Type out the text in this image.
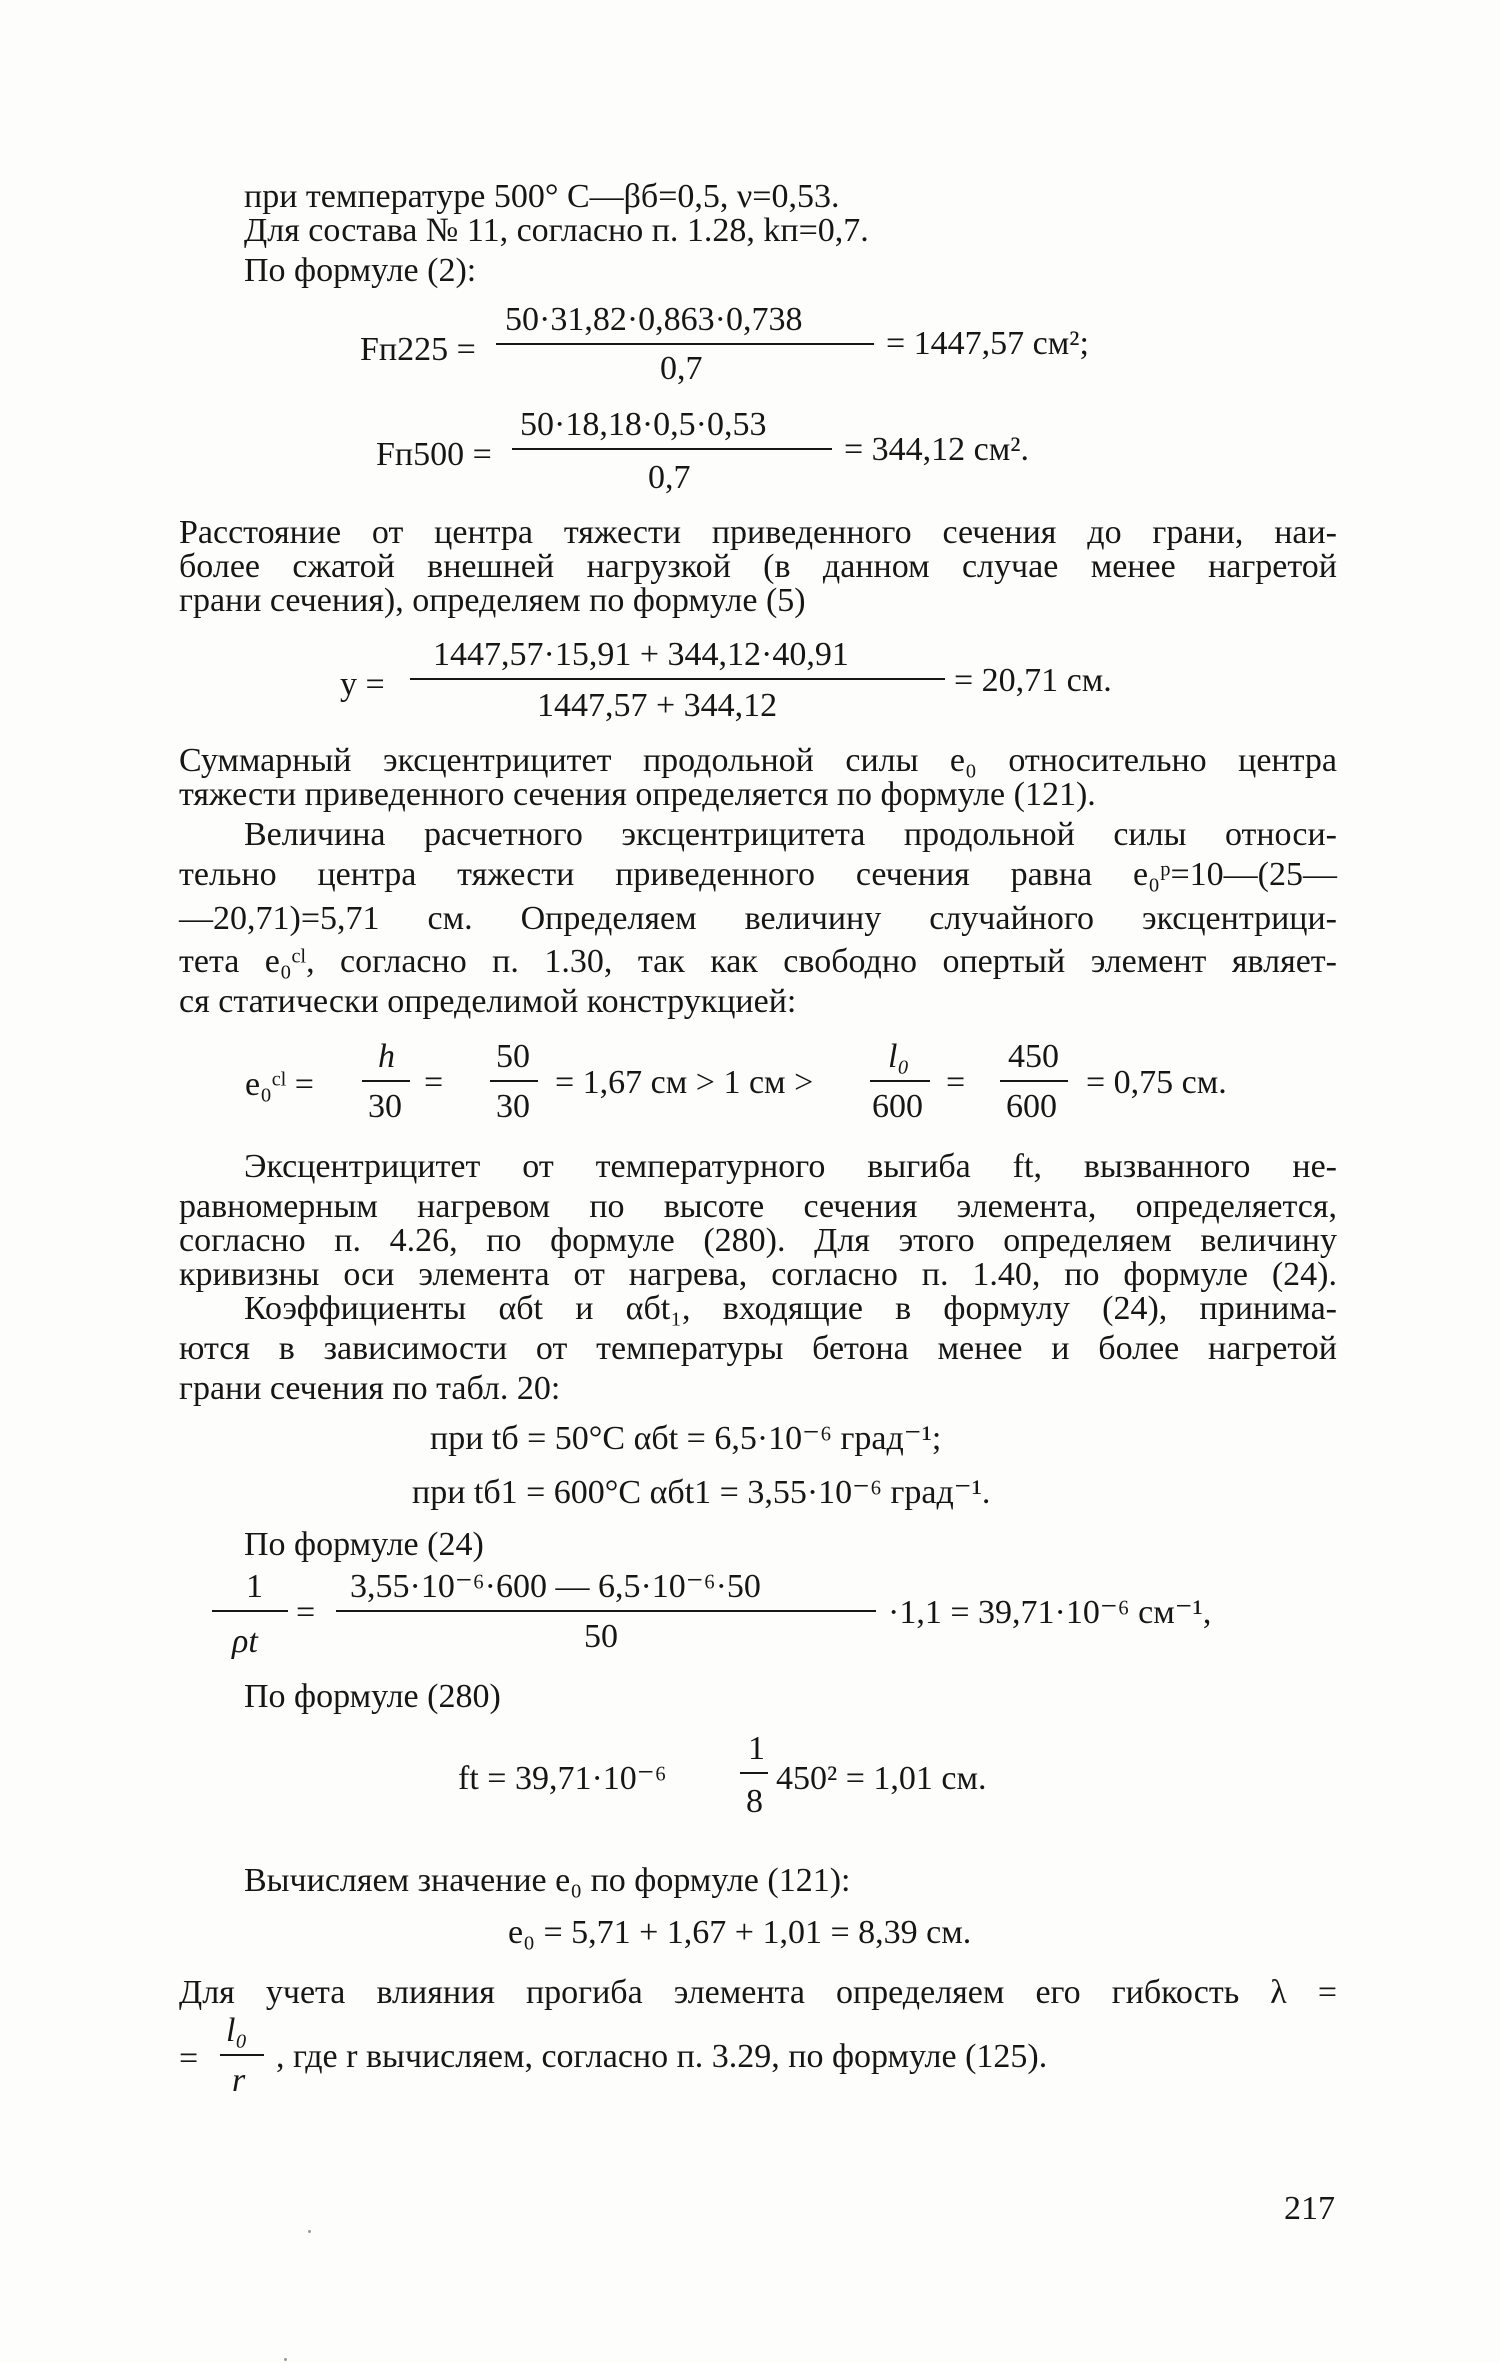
при температуре 500° С—βб=0,5, ν=0,53.
Для состава № 11, согласно п. 1.28, kп=0,7.
По формуле (2):
Fп225 =
50·31,82·0,863·0,738
0,7
= 1447,57 см²;
Fп500 =
50·18,18·0,5·0,53
0,7
= 344,12 см².
Расстояние от центра тяжести приведенного сечения до грани, наи-
более сжатой внешней нагрузкой (в данном случае менее нагретой
грани сечения), определяем по формуле (5)
y =
1447,57·15,91 + 344,12·40,91
1447,57 + 344,12
= 20,71 см.
Суммарный эксцентрицитет продольной силы e₀ относительно центра
тяжести приведенного сечения определяется по формуле (121).
Величина расчетного эксцентрицитета продольной силы относи-
тельно центра тяжести приведенного сечения равна e₀ᵖ=10—(25—
—20,71)=5,71 см. Определяем величину случайного эксцентрици-
тета e₀ᶜˡ, согласно п. 1.30, так как свободно опертый элемент являет-
ся статически определимой конструкцией:
e₀ᶜˡ =
h
30
=
50
30
= 1,67 см > 1 см >
l₀
600
=
450
600
= 0,75 см.
Эксцентрицитет от температурного выгиба ft, вызванного не-
равномерным нагревом по высоте сечения элемента, определяется,
согласно п. 4.26, по формуле (280). Для этого определяем величину
кривизны оси элемента от нагрева, согласно п. 1.40, по формуле (24).
Коэффициенты αбt и αбt₁, входящие в формулу (24), принима-
ются в зависимости от температуры бетона менее и более нагретой
грани сечения по табл. 20:
при tб = 50°С αбt = 6,5·10⁻⁶ град⁻¹;
при tб1 = 600°С αбt1 = 3,55·10⁻⁶ град⁻¹.
По формуле (24)
1
ρt
=
3,55·10⁻⁶·600 — 6,5·10⁻⁶·50
50
·1,1 = 39,71·10⁻⁶ см⁻¹,
По формуле (280)
ft = 39,71·10⁻⁶
1
8
450² = 1,01 см.
Вычисляем значение e₀ по формуле (121):
e₀ = 5,71 + 1,67 + 1,01 = 8,39 см.
Для учета влияния прогиба элемента определяем его гибкость λ =
=
l₀
r
, где r вычисляем, согласно п. 3.29, по формуле (125).
217
